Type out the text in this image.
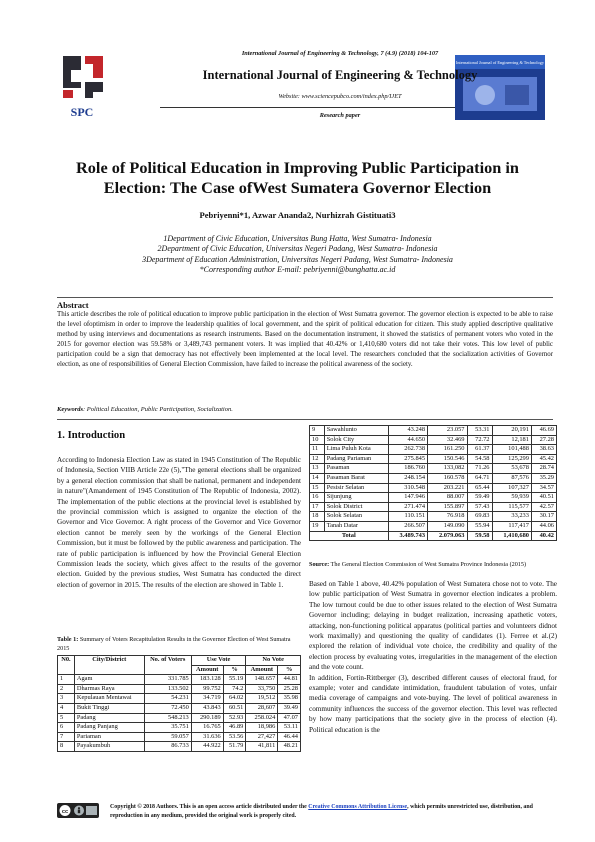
SPC
International Journal of Engineering & Technology
International Journal of Engineering & Technology, 7 (4.9) (2018) 104-107
International Journal of Engineering & Technology
Website: www.sciencepubco.com/index.php/IJET
Research paper
Role of Political Education in Improving Public Participation in
Election: The Case ofWest Sumatera Governor Election
Pebriyenni*1, Azwar Ananda2, Nurhizrah Gistituati3
1Department of Civic Education, Universitas Bung Hatta, West Sumatra- Indonesia
2Department of Civic Education, Universitas Negeri Padang, West Sumatra- Indonesia
3Department of Education Administration, Universitas Negeri Padang, West Sumatra- Indonesia
*Corresponding author E-mail: pebriyenni@bunghatta.ac.id
Abstract
This article describes the role of political education to improve public participation in the election of West Sumatra governor. The governor election is expected to be able to raise the level ofoptimism in order to improve the leadership qualities of local government, and the spirit of political education for citizen. This study applied descriptive qualitative method by using interviews and documentations as research instruments. Based on the documentation instrument, it showed the statistics of permanent voters who voted in the 2015 for governor election was 59.58% or 3,489,743 permanent voters. It was implied that 40.42% or 1,410,680 voters did not take their votes. This low level of public participation could be a sign that democracy has not effectively been implemented at the local level. The researchers concluded that the socialization activities of Governor election, as one of responsibilities of General Election Commission, have failed to increase the political awareness of the society.
Keywords: Political Education, Public Participation, Socialization.
1. Introduction
According to Indonesia Election Law as stated in 1945 Constitution of The Republic of Indonesia, Section VIIB Article 22e (5),"The general elections shall be organized by a general election commission that shall be national, permanent and independent in nature"(Amandement of 1945 Constitution of The Republic of Indonesia, 2002). The implementation of the public elections at the provincial level is established by the provincial commission which is assigned to organize the election of the Governor and Vice Governor. A right process of the Governor and Vice Governor election cannot be merely seen by the workings of the General Election Commission, but it must be followed by the public awareness and participation. The rate of public participation is influenced by how the Provincial General Election Commission leads the society, which gives affect to the results of the governor election. Guided by the previous studies, West Sumatra has conducted the direct election of governor in 2015. The results of the election are showed in Table 1.
Table 1: Summary of Voters Recapitulation Results in the Governor Election of West Sumatra 2015
N0.	City/District	No. of Voters	Use Vote		No Vote	
			Amount	%	Amount	%
1	Agam	331.785	183.128	55.19	148.657	44.81
2	Dharmas Raya	133.502	99.752	74.2	33,750	25.28
3	Kepulauan Mentawai	54.231	34.719	64.02	19,512	35.98
4	Bukit Tinggi	72.450	43.843	60.51	28,607	39.49
5	Padang	548.213	290.189	52.93	258.024	47.07
6	Padang Panjang	35.751	16.765	46.89	18,986	53.11
7	Pariaman	59.057	31.636	53.56	27,427	46.44
8	Payakumbuh	86.733	44.922	51.79	41,811	48.21
9	Sawahlunto	43.248	23.057	53.31	20,191	46.69
10	Solok City	44.650	32.469	72.72	12,181	27.28
11	Lima Puluh Kota	262.738	161.250	61.37	101,488	38.63
12	Padang Pariaman	275.845	150.546	54.58	125,299	45.42
13	Pasaman	186.760	133,082	71.26	53,678	28.74
14	Pasaman Barat	248.154	160.578	64.71	87,576	35.29
15	Pesisir Selatan	310.548	203.221	65.44	107,327	34.57
16	Sijunjung	147.946	88.007	59.49	59,939	40.51
17	Solok District	271.474	155.897	57.43	115,577	42.57
18	Solok Selatan	110.151	76.918	69.83	33,233	30.17
19	Tanah Datar	266.507	149.090	55.94	117,417	44.06
Total		3.489.743	2.079.063	59.58	1,410,680	40.42
Source: The General Election Commission of West Sumatra Province Indonesia (2015)
Based on Table 1 above, 40.42% population of West Sumatera chose not to vote. The low public participation of West Sumatra in governor election indicates a problem. The low turnout could be due to other issues related to the election of West Sumatra Governor including; delaying in budget realization, increasing apathetic voters, attacking, non-functioning political apparatus (political parties and volunteers didnot work maximally) and questioning the quality of candidates (1). Ferree et al.(2) explored the relation of individual vote choice, the credibility and quality of the election process by evaluating votes, irregularities in the management of the election and the vote count.
In addition, Fortin-Rittberger (3), described different causes of electoral fraud, for example; voter and candidate intimidation, fraudulent tabulation of votes, unfair media coverage of campaigns and vote-buying. The level of political awareness in community influences the success of the governor election. This level was reflected by how many participations that the society give in the process of election (4). Political education is the
cc
Copyright © 2018 Authors. This is an open access article distributed under the Creative Commons Attribution License, which permits unrestricted use, distribution, and reproduction in any medium, provided the original work is properly cited.
